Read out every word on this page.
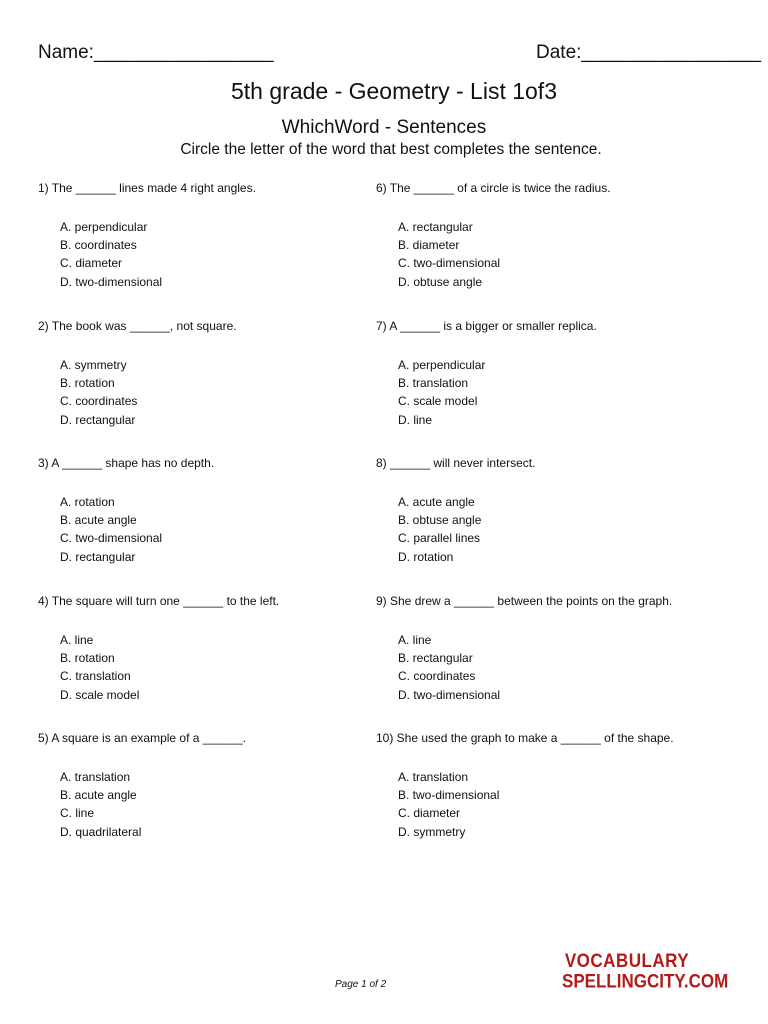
Name:_________________	Date:_________________
5th grade - Geometry - List 1of3
WhichWord - Sentences
Circle the letter of the word that best completes the sentence.
1) The ______ lines made 4 right angles.
A. perpendicular
B. coordinates
C. diameter
D. two-dimensional
2) The book was ______, not square.
A. symmetry
B. rotation
C. coordinates
D. rectangular
3) A ______ shape has no depth.
A. rotation
B. acute angle
C. two-dimensional
D. rectangular
4) The square will turn one ______ to the left.
A. line
B. rotation
C. translation
D. scale model
5) A square is an example of a ______.
A. translation
B. acute angle
C. line
D. quadrilateral
6) The ______ of a circle is twice the radius.
A. rectangular
B. diameter
C. two-dimensional
D. obtuse angle
7) A ______ is a bigger or smaller replica.
A. perpendicular
B. translation
C. scale model
D. line
8) ______ will never intersect.
A. acute angle
B. obtuse angle
C. parallel lines
D. rotation
9) She drew a ______ between the points on the graph.
A. line
B. rectangular
C. coordinates
D. two-dimensional
10) She used the graph to make a ______ of the shape.
A. translation
B. two-dimensional
C. diameter
D. symmetry
Page 1 of 2
VOCABULARY
SPELLINGCITY.COM
